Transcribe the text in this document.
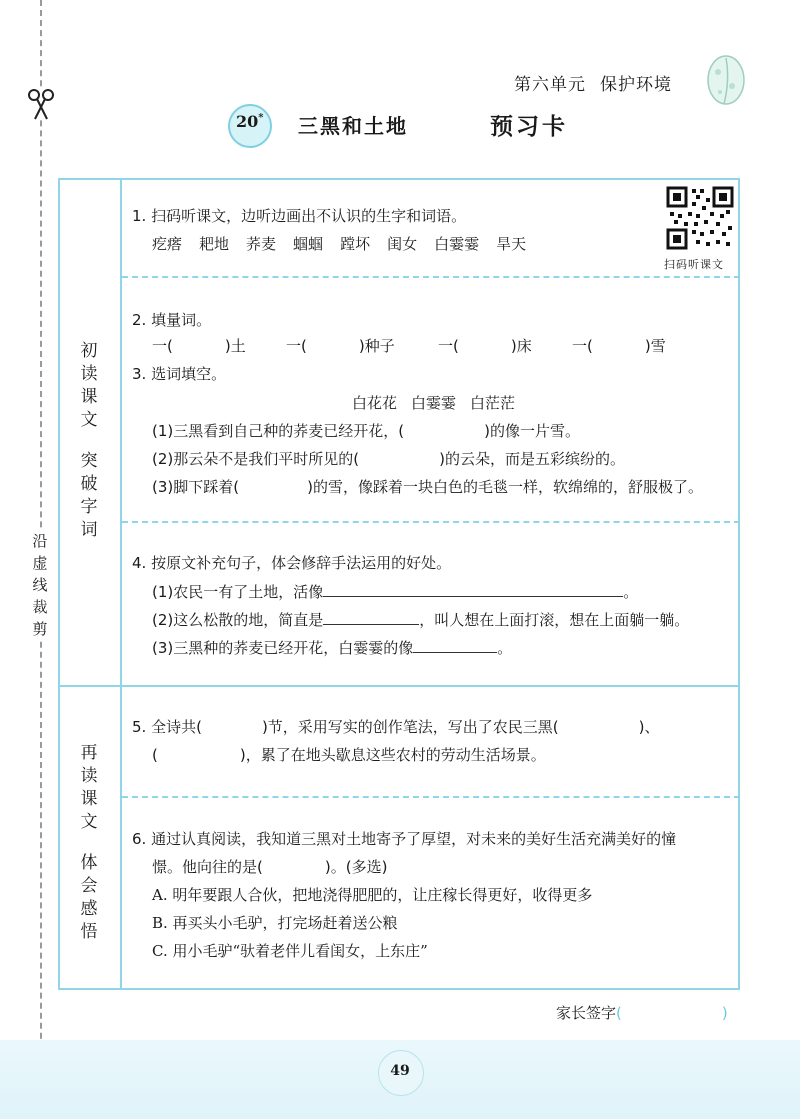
沿
虚
线
裁
剪
第六单元 保护环境
20* 三黑和土地	预习卡
初
读
课
文
突
破
字
词
再
读
课
文
体
会
感
悟
扫码听课文
1. 扫码听课文，边听边画出不认识的生字和词语。
疙瘩 耙地 荞麦 蝈蝈 蹚坏 闺女 白霎霎 旱天
2. 填量词。
一(	)土	一(	)种子	一(	)床	一(	)雪
3. 选词填空。
白花花 白霎霎 白茫茫
(1)三黑看到自己种的荞麦已经开花，(	)的像一片雪。
(2)那云朵不是我们平时所见的(	)的云朵，而是五彩缤纷的。
(3)脚下踩着(	)的雪，像踩着一块白色的毛毯一样，软绵绵的，舒服极了。
4. 按原文补充句子，体会修辞手法运用的好处。
(1)农民一有了土地，活像	。
(2)这么松散的地，简直是	，叫人想在上面打滚，想在上面躺一躺。
(3)三黑种的荞麦已经开花，白霎霎的像	。
5. 全诗共(	)节，采用写实的创作笔法，写出了农民三黑(	)、
(	)，累了在地头歇息这些农村的劳动生活场景。
6. 通过认真阅读，我知道三黑对土地寄予了厚望，对未来的美好生活充满美好的憧
憬。他向往的是(	)。(多选)
A. 明年要跟人合伙，把地浇得肥肥的，让庄稼长得更好，收得更多
B. 再买头小毛驴，打完场赶着送公粮
C. 用小毛驴“驮着老伴儿看闺女，上东庄”
家长签字(	)
49
